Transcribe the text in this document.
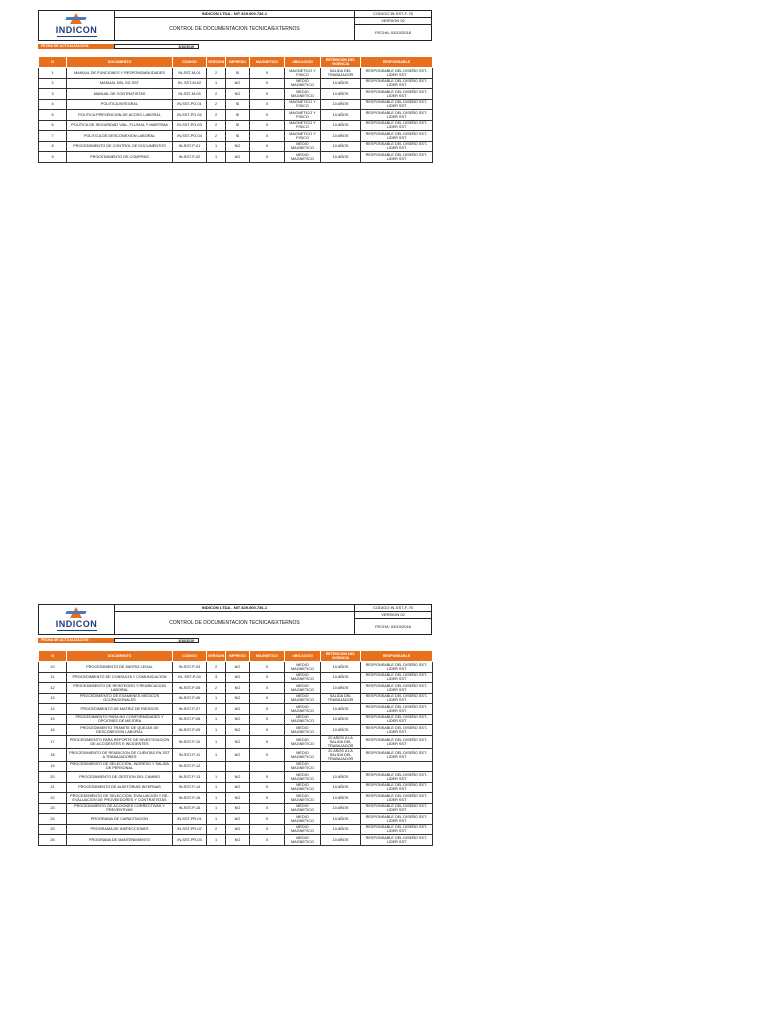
INDICON
INDICON LTDA - NIT 829.000.736-1
CONTROL DE DOCUMENTACION TECNICA/EXTERNOS
CODIGO IN-SST-F-75
VERSION 02
FECHA: 03/10/2018
FECHA DE ACTUALIZACION	3/10/2019
N	DOCUMENTO	CODIGO	VERSION	IMPRESO	MAGNETICO	UBICACIÓN	RETENCION DEL VIGENCIA	RESPONSABLE
1	MANUAL DE FUNCIONES Y RESPONSABILIDADES	IN-SST-M-01	2	SI	X	MAGNETICO Y FISICO	SALIDA DEL TRABAJADOR	RESPONSABLE DEL DISEÑO SST- LIDER SST
2	MANUAL DEL SG SST	IN- SST-M-02	1	NO	X	MEDIO MAGNETICO	10 AÑOS	RESPONSABLE DEL DISEÑO SST- LIDER SST
3	MANUAL DE CONTRATISTAS	IN-SST-M-03	2	NO	X	MEDIO MAGNETICO	10 AÑOS	RESPONSABLE DEL DISEÑO SST- LIDER SST
4	POLITICA INTEGRAL	IN-SST-PO-01	2	SI	X	MAGNETICO Y FISICO	10 AÑOS	RESPONSABLE DEL DISEÑO SST- LIDER SST
5	POLITICA PREVENCION DE ACOSO LABORAL	IN-SST-PO-02	2	SI	X	MAGNETICO Y FISICO	10 AÑOS	RESPONSABLE DEL DISEÑO SST- LIDER SST
6	POLITICA DE SEGURIDAD VIAL, FLUVIAL Y MARITIMA	IN-SST-PO-03	2	SI	X	MAGNETICO Y FISICO	10 AÑOS	RESPONSABLE DEL DISEÑO SST- LIDER SST
7	POLITICA DE DESCONEXION LABORAL	IN-SST-PO-04	2	SI	X	MAGNETICO Y FISICO	10 AÑOS	RESPONSABLE DEL DISEÑO SST- LIDER SST
8	PROCEDIMIENTO DE CONTROL DE DOCUMENTOS	IN-SST-P-01	1	NO	X	MEDIO MAGNETICO	10 AÑOS	RESPONSABLE DEL DISEÑO SST- LIDER SST
9	PROCEDIMIENTO DE COMPRAS	IN-SST-P-02	1	NO	X	MEDIO MAGNETICO	10 AÑOS	RESPONSABLE DEL DISEÑO SST- LIDER SST
INDICON
INDICON LTDA - NIT 829.000.736-1
CONTROL DE DOCUMENTACION TECNICA/EXTERNOS
CODIGO IN-SST-F-75
VERSION 02
FECHA: 03/10/2018
FECHA DE ACTUALIZACION	3/10/2019
N	DOCUMENTO	CODIGO	VERSION	IMPRESO	MAGNETICO	UBICACIÓN	RETENCION DEL VIGENCIA	RESPONSABLE
10	PROCEDIMIENTO DE MATRIZ LEGAL	IN-SST-P-03	2	NO	X	MEDIO MAGNETICO	10 AÑOS	RESPONSABLE DEL DISEÑO SST- LIDER SST
11	PROCEDIMIENTO DE CONSULTA Y COMUNICACION	IN- SST-P-04	3	NO	X	MEDIO MAGNETICO	10 AÑOS	RESPONSABLE DEL DISEÑO SST- LIDER SST
12	PROCEDIMIENTO DE REINTEGRO Y REUBICACION LABORAL	IN-SST-P-05	2	NO	X	MEDIO MAGNETICO	10 AÑOS	RESPONSABLE DEL DISEÑO SST- LIDER SST
13	PROCEDIMIENTO DE EXAMENES MEDICOS OCUPACIONALES	IN-SST-P-06	1	NO	X	MEDIO MAGNETICO	SALIDA DEL TRABAJADOR	RESPONSABLE DEL DISEÑO SST- LIDER SST
14	PROCEDIMIENTO DE MATRIZ DE RIESGOS	IN-SST-P-07	2	NO	X	MEDIO MAGNETICO	10 AÑOS	RESPONSABLE DEL DISEÑO SST- LIDER SST
15	PROCEDIMIENTO PARA NO CONFORMIDADES Y OPCIONES DE MEJORA	IN-SST-P-08	1	NO	X	MEDIO MAGNETICO	10 AÑOS	RESPONSABLE DEL DISEÑO SST- LIDER SST
16	PROCEDIMIENTO TRAMITE DE QUEJAS DE DESCONEXION LABORAL	IN-SST-P-09	1	NO	X	MEDIO MAGNETICO	10 AÑOS	RESPONSABLE DEL DISEÑO SST- LIDER SST
17	PROCEDIMIENTO PARA REPORTE DE INVESTIGACION DE ACCIDENTES E INCIDENTES	IN-SST-P-10	1	NO	X	MEDIO MAGNETICO	20 AÑOS A LA SALIDA DEL TRABAJADOR	RESPONSABLE DEL DISEÑO SST- LIDER SST
18	PROCEDIMIENTO DE RENDICION DE CUENTAS EN SST A TRABAJADORES	IN-SST-P-11	1	NO	X	MEDIO MAGNETICO	20 AÑOS A LA SALIDA DEL TRABAJADOR	RESPONSABLE DEL DISEÑO SST- LIDER SST
19	PROCEDIMIENTO DE SELECCIÓN, INGRESO Y SALIDA DE PERSONAL	IN-SST-P-12				MEDIO MAGNETICO		
20	PROCEDIMIENTO DE GESTION DEL CAMBIO	IN-SST-P-13	1	NO	X	MEDIO MAGNETICO	10 AÑOS	RESPONSABLE DEL DISEÑO SST- LIDER SST
21	PROCEDIMIENTO DE AUDITORIAS INTERNAS	IN-SST-P-14	1	NO	X	MEDIO MAGNETICO	10 AÑOS	RESPONSABLE DEL DISEÑO SST- LIDER SST
22	PROCEDIMIENTO DE SELECCION, EVALUACION Y RE- EVALUACION DE PROVEEDORES Y CONTRATISTAS	IN-SST-P-15	1	NO	X	MEDIO MAGNETICO	10 AÑOS	RESPONSABLE DEL DISEÑO SST- LIDER SST
23	PROCEDIMIENTO DE ACCIONES CORRECTIVAS Y PREVENTIVAS	IN-SST-P-16	1	NO	X	MEDIO MAGNETICO	10 AÑOS	RESPONSABLE DEL DISEÑO SST- LIDER SST
24	PROGRAMA DE CAPACITACION	IN-SST-PR-01	1	NO	X	MEDIO MAGNETICO	10 AÑOS	RESPONSABLE DEL DISEÑO SST- LIDER SST
25	PROGRAMA DE INSPECCIONES	IN-SST-PR-02	2	NO	X	MEDIO MAGNETICO	10 AÑOS	RESPONSABLE DEL DISEÑO SST- LIDER SST
26	PROGRAMA DE MANTENIMIENTO	IN-SST-PR-03	1	NO	X	MEDIO MAGNETICO	10 AÑOS	RESPONSABLE DEL DISEÑO SST- LIDER SST
